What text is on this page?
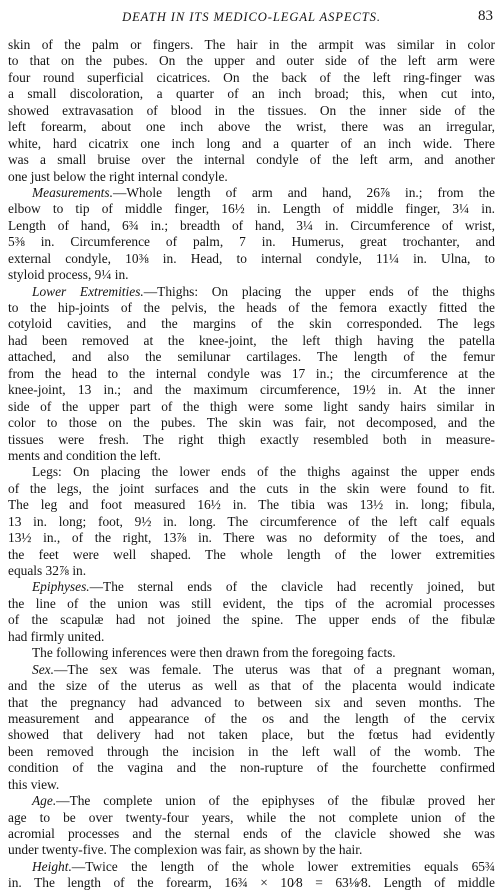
DEATH IN ITS MEDICO-LEGAL ASPECTS.	83
skin of the palm or fingers. The hair in the armpit was similar in color
to that on the pubes. On the upper and outer side of the left arm were
four round superficial cicatrices. On the back of the left ring-finger was
a small discoloration, a quarter of an inch broad; this, when cut into,
showed extravasation of blood in the tissues. On the inner side of the
left forearm, about one inch above the wrist, there was an irregular,
white, hard cicatrix one inch long and a quarter of an inch wide. There
was a small bruise over the internal condyle of the left arm, and another
one just below the right internal condyle.
Measurements.—Whole length of arm and hand, 26⅞ in.; from the
elbow to tip of middle finger, 16½ in. Length of middle finger, 3¼ in.
Length of hand, 6¾ in.; breadth of hand, 3¼ in. Circumference of wrist,
5⅜ in. Circumference of palm, 7 in. Humerus, great trochanter, and
external condyle, 10⅜ in. Head, to internal condyle, 11¼ in. Ulna, to
styloid process, 9¼ in.
Lower Extremities.—Thighs: On placing the upper ends of the thighs
to the hip-joints of the pelvis, the heads of the femora exactly fitted the
cotyloid cavities, and the margins of the skin corresponded. The legs
had been removed at the knee-joint, the left thigh having the patella
attached, and also the semilunar cartilages. The length of the femur
from the head to the internal condyle was 17 in.; the circumference at the
knee-joint, 13 in.; and the maximum circumference, 19½ in. At the inner
side of the upper part of the thigh were some light sandy hairs similar in
color to those on the pubes. The skin was fair, not decomposed, and the
tissues were fresh. The right thigh exactly resembled both in measure-
ments and condition the left.
Legs: On placing the lower ends of the thighs against the upper ends
of the legs, the joint surfaces and the cuts in the skin were found to fit.
The leg and foot measured 16½ in. The tibia was 13½ in. long; fibula,
13 in. long; foot, 9½ in. long. The circumference of the left calf equals
13½ in., of the right, 13⅞ in. There was no deformity of the toes, and
the feet were well shaped. The whole length of the lower extremities
equals 32⅞ in.
Epiphyses.—The sternal ends of the clavicle had recently joined, but
the line of the union was still evident, the tips of the acromial processes
of the scapulæ had not joined the spine. The upper ends of the fibulæ
had firmly united.
The following inferences were then drawn from the foregoing facts.
Sex.—The sex was female. The uterus was that of a pregnant woman,
and the size of the uterus as well as that of the placenta would indicate
that the pregnancy had advanced to between six and seven months. The
measurement and appearance of the os and the length of the cervix
showed that delivery had not taken place, but the fœtus had evidently
been removed through the incision in the left wall of the womb. The
condition of the vagina and the non-rupture of the fourchette confirmed
this view.
Age.—The complete union of the epiphyses of the fibulæ proved her
age to be over twenty-four years, while the not complete union of the
acromial processes and the sternal ends of the clavicle showed she was
under twenty-five. The complexion was fair, as shown by the hair.
Height.—Twice the length of the whole lower extremities equals 65¾
in. The length of the forearm, 16¾ × 10⁄8 = 63⅛⁄8. Length of middle
